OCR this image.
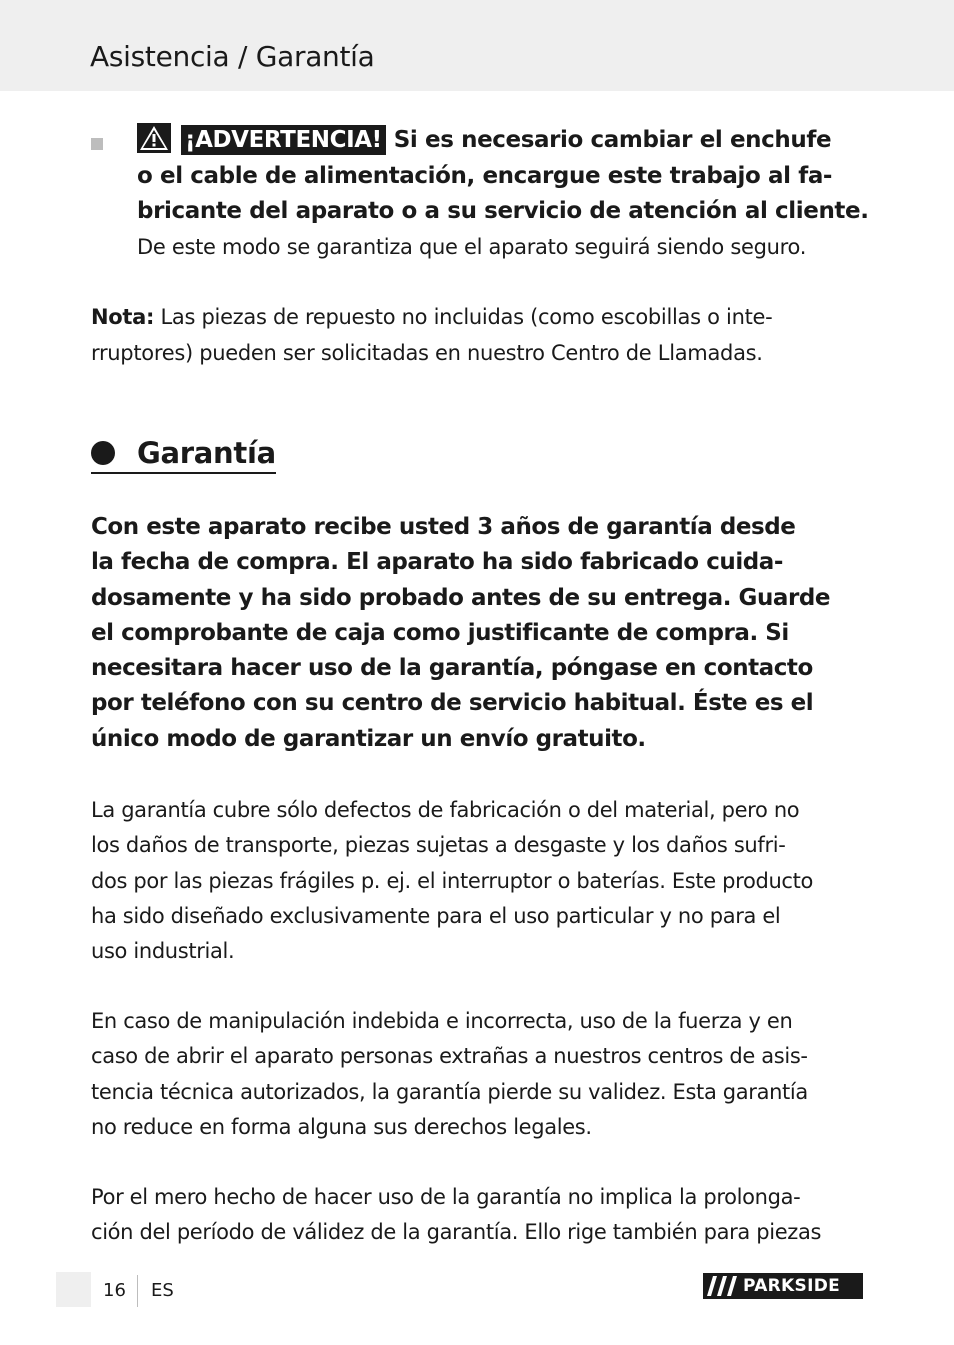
Asistencia / Garantía
¡ADVERTENCIA! Si es necesario cambiar el enchufe
o el cable de alimentación, encargue este trabajo al fa-
bricante del aparato o a su servicio de atención al cliente.
De este modo se garantiza que el aparato seguirá siendo seguro.
Nota: Las piezas de repuesto no incluidas (como escobillas o inte-
rruptores) pueden ser solicitadas en nuestro Centro de Llamadas.
Garantía
Con este aparato recibe usted 3 años de garantía desde
la fecha de compra. El aparato ha sido fabricado cuida-
dosamente y ha sido probado antes de su entrega. Guarde
el comprobante de caja como justificante de compra. Si
necesitara hacer uso de la garantía, póngase en contacto
por teléfono con su centro de servicio habitual. Éste es el
único modo de garantizar un envío gratuito.
La garantía cubre sólo defectos de fabricación o del material, pero no
los daños de transporte, piezas sujetas a desgaste y los daños sufri-
dos por las piezas frágiles p. ej. el interruptor o baterías. Este producto
ha sido diseñado exclusivamente para el uso particular y no para el
uso industrial.
En caso de manipulación indebida e incorrecta, uso de la fuerza y en
caso de abrir el aparato personas extrañas a nuestros centros de asis-
tencia técnica autorizados, la garantía pierde su validez. Esta garantía
no reduce en forma alguna sus derechos legales.
Por el mero hecho de hacer uso de la garantía no implica la prolonga-
ción del período de válidez de la garantía. Ello rige también para piezas
16 ES	PARKSIDE
